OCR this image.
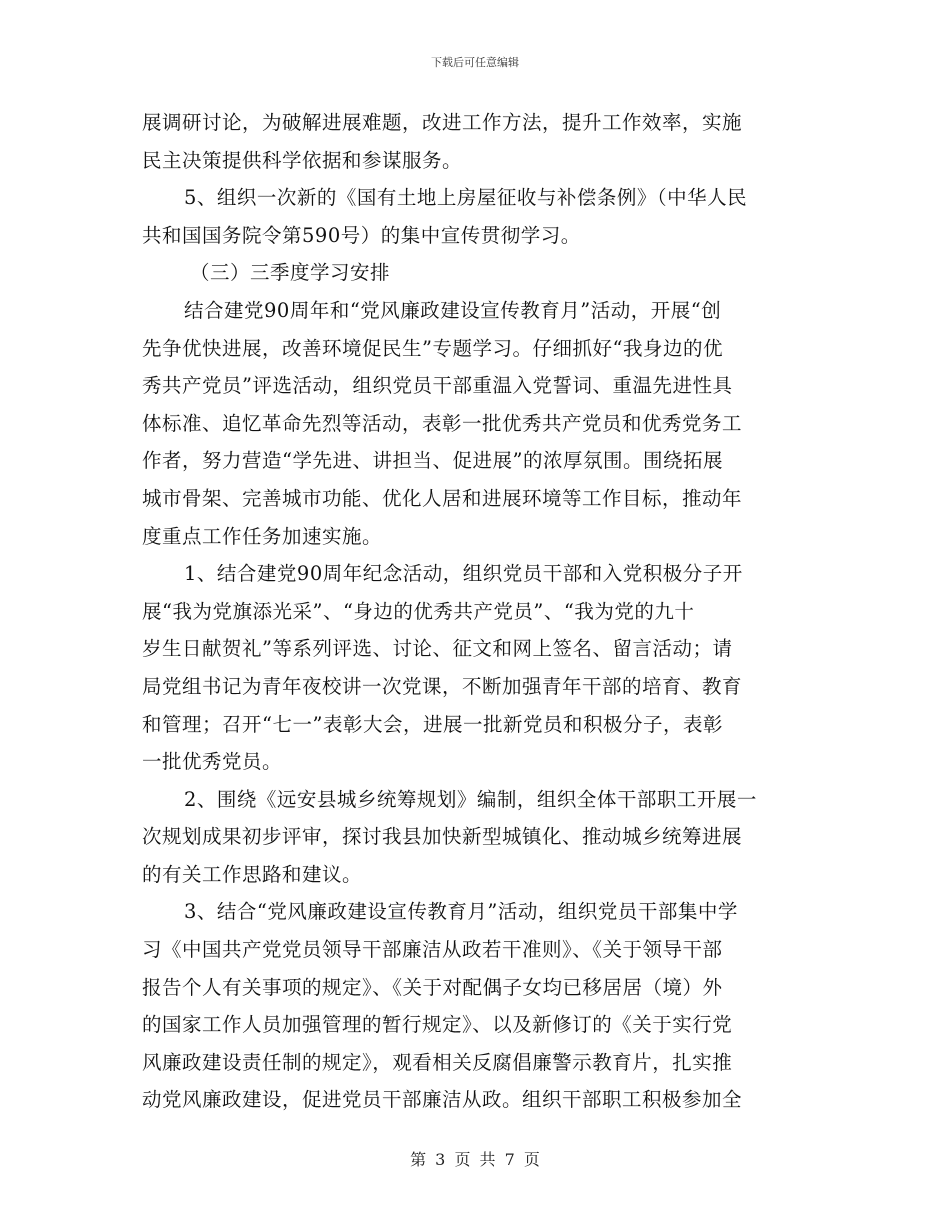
下载后可任意编辑
展调研讨论，为破解进展难题，改进工作方法，提升工作效率，实施
民主决策提供科学依据和参谋服务。
5、组织一次新的《国有土地上房屋征收与补偿条例》（中华人民
共和国国务院令第590号）的集中宣传贯彻学习。
（三）三季度学习安排
结合建党90周年和“党风廉政建设宣传教育月”活动，开展“创
先争优快进展，改善环境促民生”专题学习。仔细抓好“我身边的优
秀共产党员”评选活动，组织党员干部重温入党誓词、重温先进性具
体标准、追忆革命先烈等活动，表彰一批优秀共产党员和优秀党务工
作者，努力营造“学先进、讲担当、促进展”的浓厚氛围。围绕拓展
城市骨架、完善城市功能、优化人居和进展环境等工作目标，推动年
度重点工作任务加速实施。
1、结合建党90周年纪念活动，组织党员干部和入党积极分子开
展“我为党旗添光采”、“身边的优秀共产党员”、“我为党的九十
岁生日献贺礼”等系列评选、讨论、征文和网上签名、留言活动；请
局党组书记为青年夜校讲一次党课，不断加强青年干部的培育、教育
和管理；召开“七一”表彰大会，进展一批新党员和积极分子，表彰
一批优秀党员。
2、围绕《远安县城乡统筹规划》编制，组织全体干部职工开展一
次规划成果初步评审，探讨我县加快新型城镇化、推动城乡统筹进展
的有关工作思路和建议。
3、结合“党风廉政建设宣传教育月”活动，组织党员干部集中学
习《中国共产党党员领导干部廉洁从政若干准则》、《关于领导干部
报告个人有关事项的规定》、《关于对配偶子女均已移居居（境）外
的国家工作人员加强管理的暂行规定》、以及新修订的《关于实行党
风廉政建设责任制的规定》，观看相关反腐倡廉警示教育片，扎实推
动党风廉政建设，促进党员干部廉洁从政。组织干部职工积极参加全
第 3 页 共 7 页
